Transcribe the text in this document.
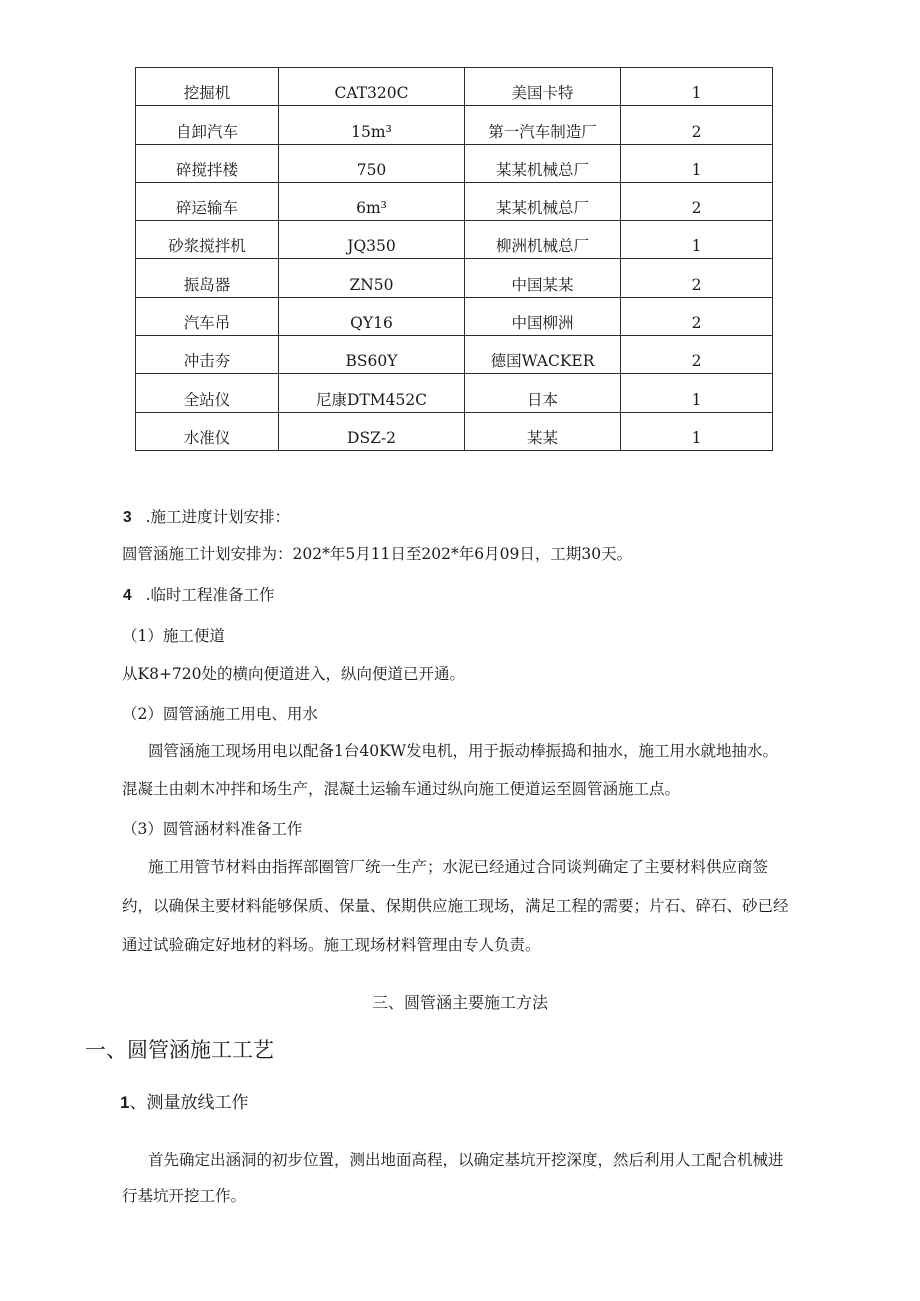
挖掘机	CAT320C	美国卡特	1
自卸汽车	15m³	第一汽车制造厂	2
碎搅拌楼	750	某某机械总厂	1
碎运输车	6m³	某某机械总厂	2
砂浆搅拌机	JQ350	柳洲机械总厂	1
振岛器	ZN50	中国某某	2
汽车吊	QY16	中国柳洲	2
冲击夯	BS60Y	德国WACKER	2
全站仪	尼康DTM452C	日本	1
水准仪	DSZ-2	某某	1
3 .施工进度计划安排：
圆管涵施工计划安排为：202*年5月11日至202*年6月09日，工期30天。
4 .临时工程准备工作
（1）施工便道
从K8+720处的横向便道进入，纵向便道已开通。
（2）圆管涵施工用电、用水
圆管涵施工现场用电以配备1台40KW发电机，用于振动棒振捣和抽水，施工用水就地抽水。
混凝土由刺木冲拌和场生产，混凝土运输车通过纵向施工便道运至圆管涵施工点。
（3）圆管涵材料准备工作
施工用管节材料由指挥部圈管厂统一生产；水泥已经通过合同谈判确定了主要材料供应商签
约，以确保主要材料能够保质、保量、保期供应施工现场，满足工程的需要；片石、碎石、砂已经
通过试验确定好地材的料场。施工现场材料管理由专人负责。
三、圆管涵主要施工方法
一、圆管涵施工工艺
1、测量放线工作
首先确定出涵洞的初步位置，测出地面高程，以确定基坑开挖深度，然后利用人工配合机械进
行基坑开挖工作。
